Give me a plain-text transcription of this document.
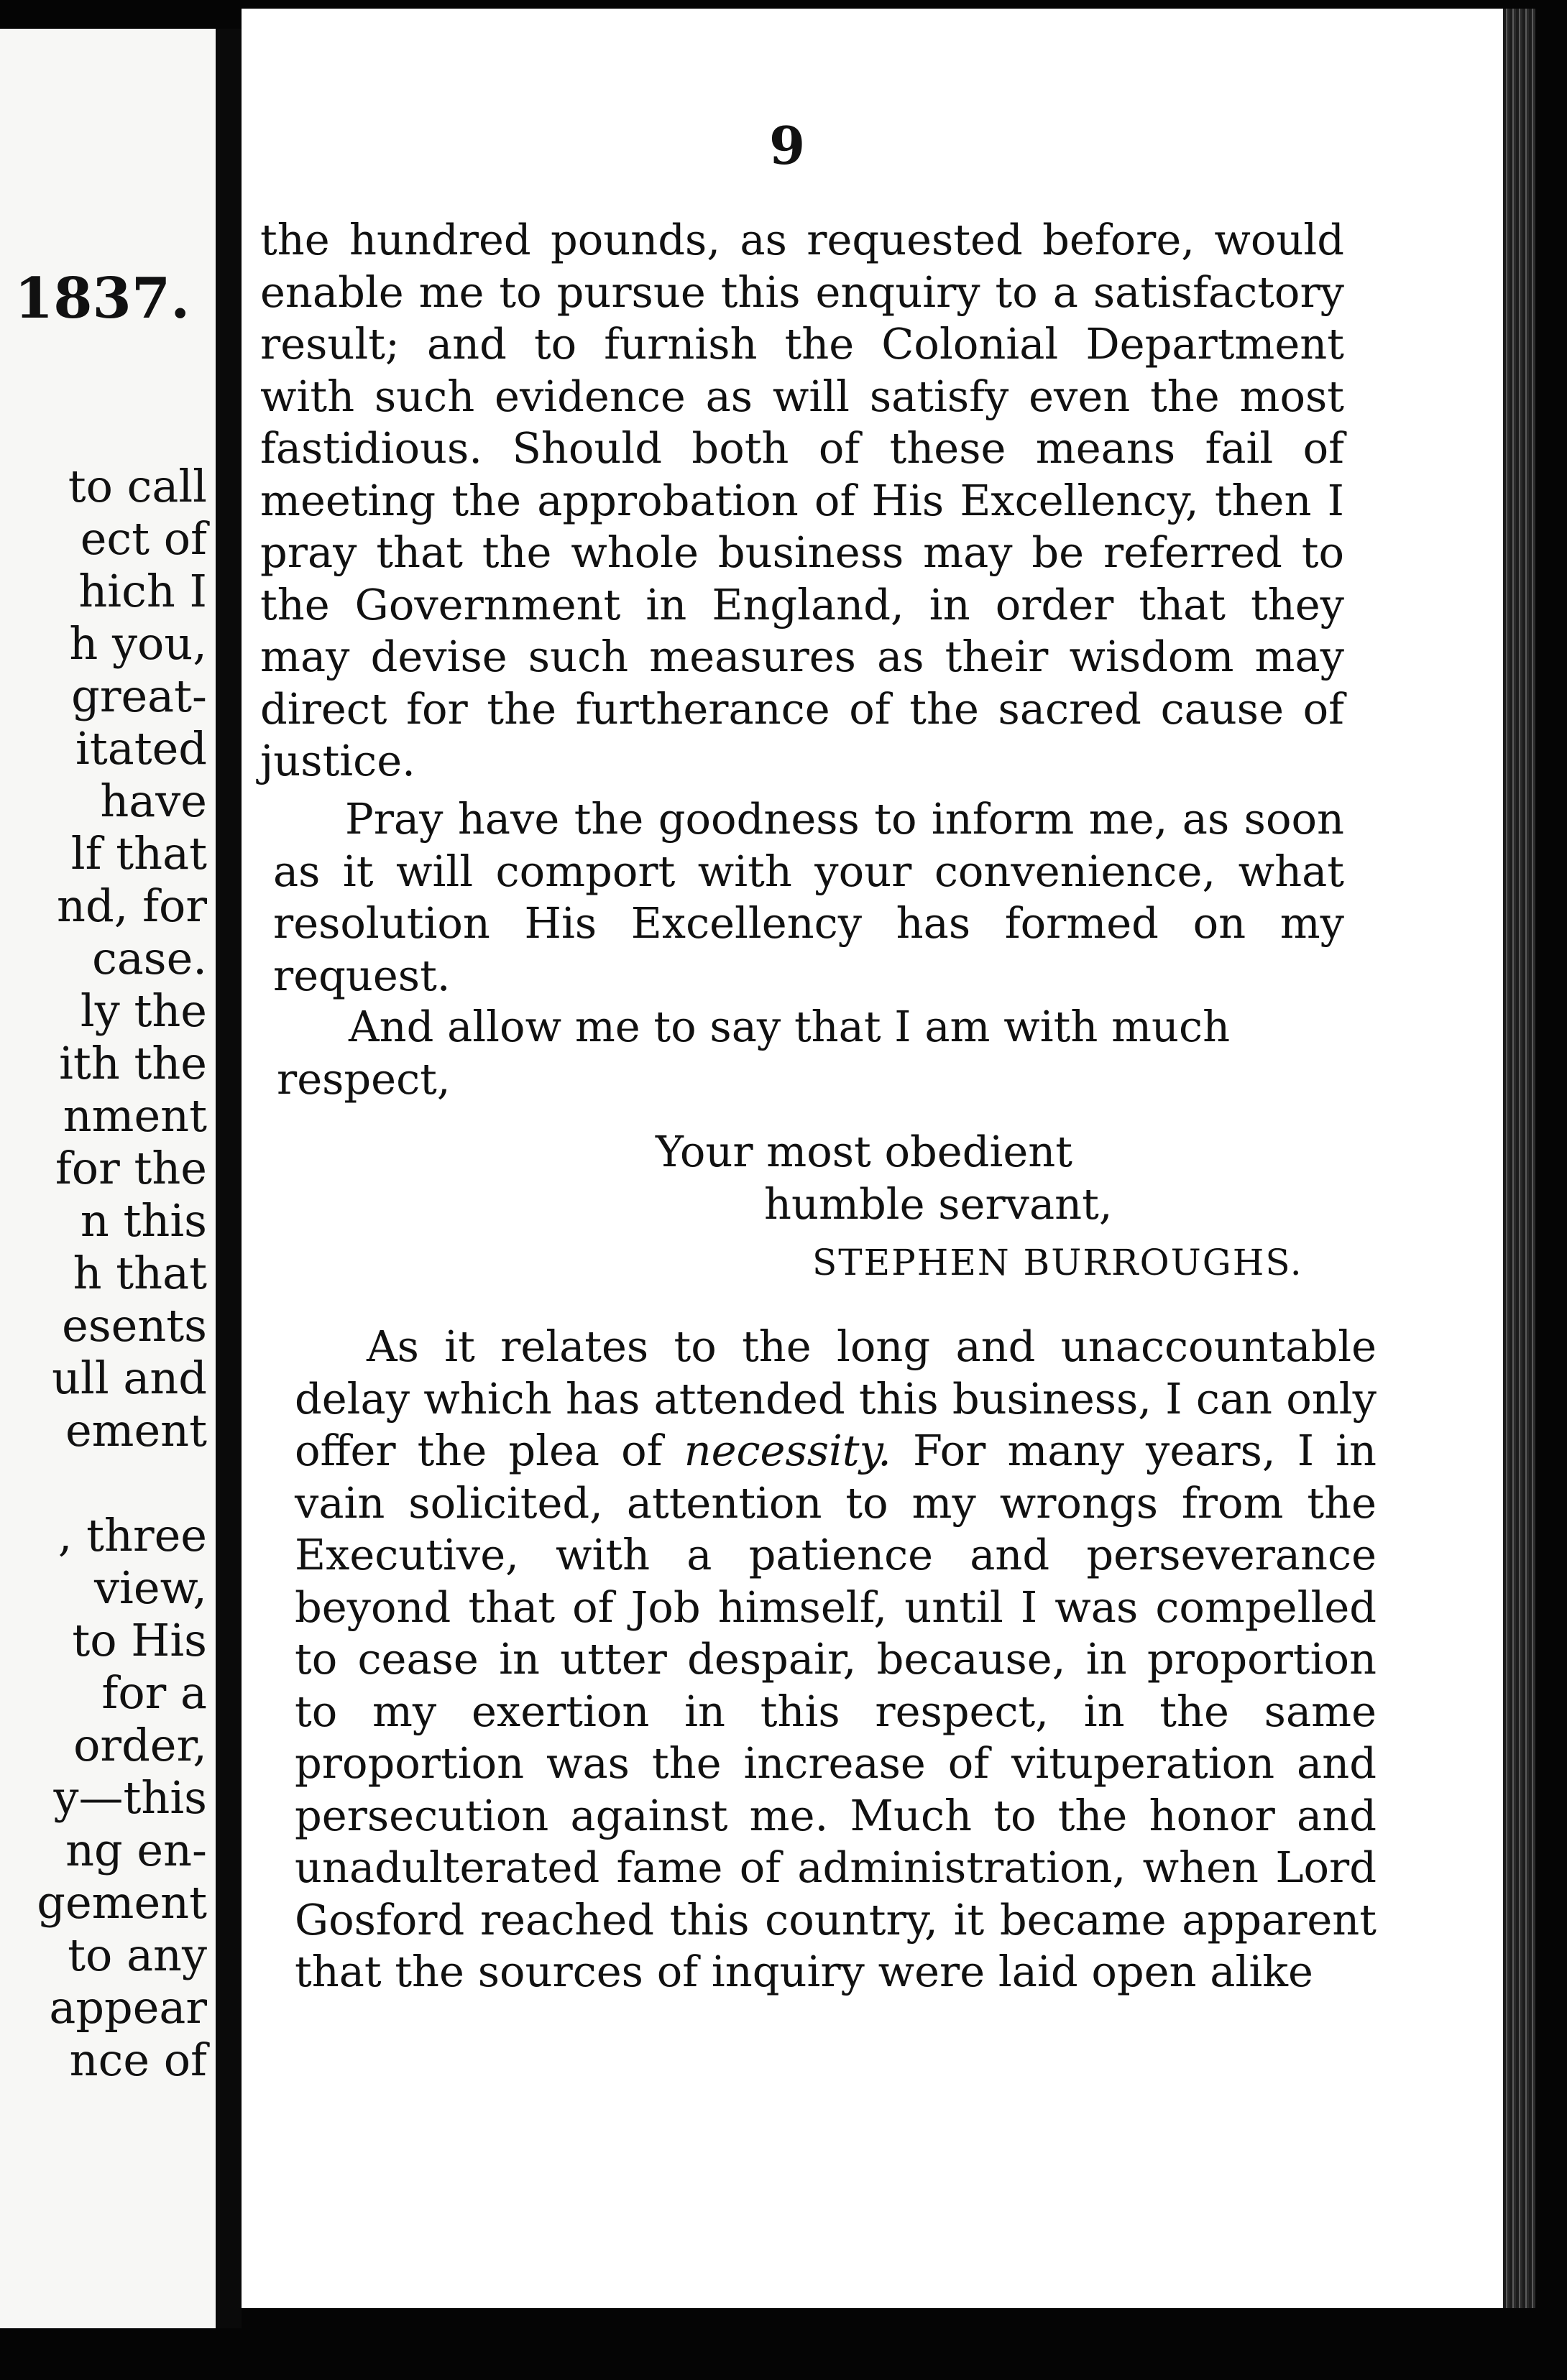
1837.
to call
ect of
hich I
h you,
great-
itated
have
lf that
nd, for
case.
ly the
ith the
nment
for the
n this
h that
esents
ull and
ement

, three
view,
to His
for a
order,
y—this
ng en-
gement
to any
appear
nce of
9

the hundred pounds, as requested before, would enable me to pursue this enquiry to a satisfactory result; and to furnish the Colonial Department with such evidence as will satisfy even the most fastidious. Should both of these means fail of meeting the approbation of His Excellency, then I pray that the whole business may be referred to the Government in England, in order that they may devise such measures as their wisdom may direct for the furtherance of the sacred cause of justice.

Pray have the goodness to inform me, as soon as it will comport with your convenience, what resolution His Excellency has formed on my request.

And allow me to say that I am with much respect,

Your most obedient
humble servant,
STEPHEN BURROUGHS.

As it relates to the long and unaccountable delay which has attended this business, I can only offer the plea of necessity. For many years, I in vain solicited, attention to my wrongs from the Executive, with a patience and perseverance beyond that of Job himself, until I was compelled to cease in utter despair, because, in proportion to my exertion in this respect, in the same proportion was the increase of vituperation and persecution against me. Much to the honor and unadulterated fame of administration, when Lord Gosford reached this country, it became apparent that the sources of inquiry were laid open alike
